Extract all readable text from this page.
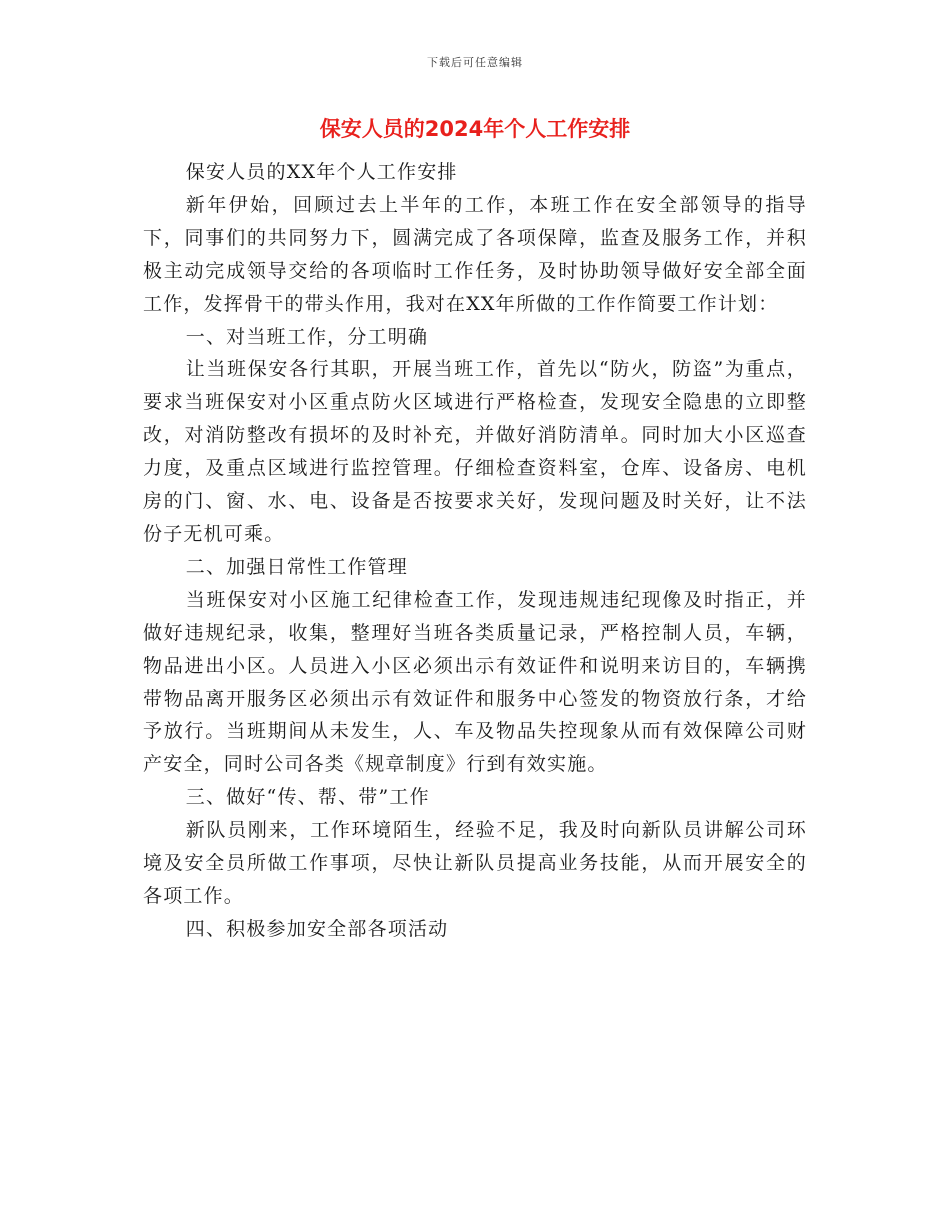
下载后可任意编辑
保安人员的2024年个人工作安排

保安人员的XX年个人工作安排

新年伊始，回顾过去上半年的工作，本班工作在安全部领导的指导下，同事们的共同努力下，圆满完成了各项保障，监查及服务工作，并积极主动完成领导交给的各项临时工作任务，及时协助领导做好安全部全面工作，发挥骨干的带头作用，我对在XX年所做的工作作简要工作计划：

一、对当班工作，分工明确

让当班保安各行其职，开展当班工作，首先以“防火，防盗”为重点，要求当班保安对小区重点防火区域进行严格检查，发现安全隐患的立即整改，对消防整改有损坏的及时补充，并做好消防清单。同时加大小区巡查力度，及重点区域进行监控管理。仔细检查资料室，仓库、设备房、电机房的门、窗、水、电、设备是否按要求关好，发现问题及时关好，让不法份子无机可乘。

二、加强日常性工作管理

当班保安对小区施工纪律检查工作，发现违规违纪现像及时指正，并做好违规纪录，收集，整理好当班各类质量记录，严格控制人员，车辆，物品进出小区。人员进入小区必须出示有效证件和说明来访目的，车辆携带物品离开服务区必须出示有效证件和服务中心签发的物资放行条，才给予放行。当班期间从未发生，人、车及物品失控现象从而有效保障公司财产安全，同时公司各类《规章制度》行到有效实施。

三、做好“传、帮、带”工作

新队员刚来，工作环境陌生，经验不足，我及时向新队员讲解公司环境及安全员所做工作事项，尽快让新队员提高业务技能，从而开展安全的各项工作。

四、积极参加安全部各项活动
